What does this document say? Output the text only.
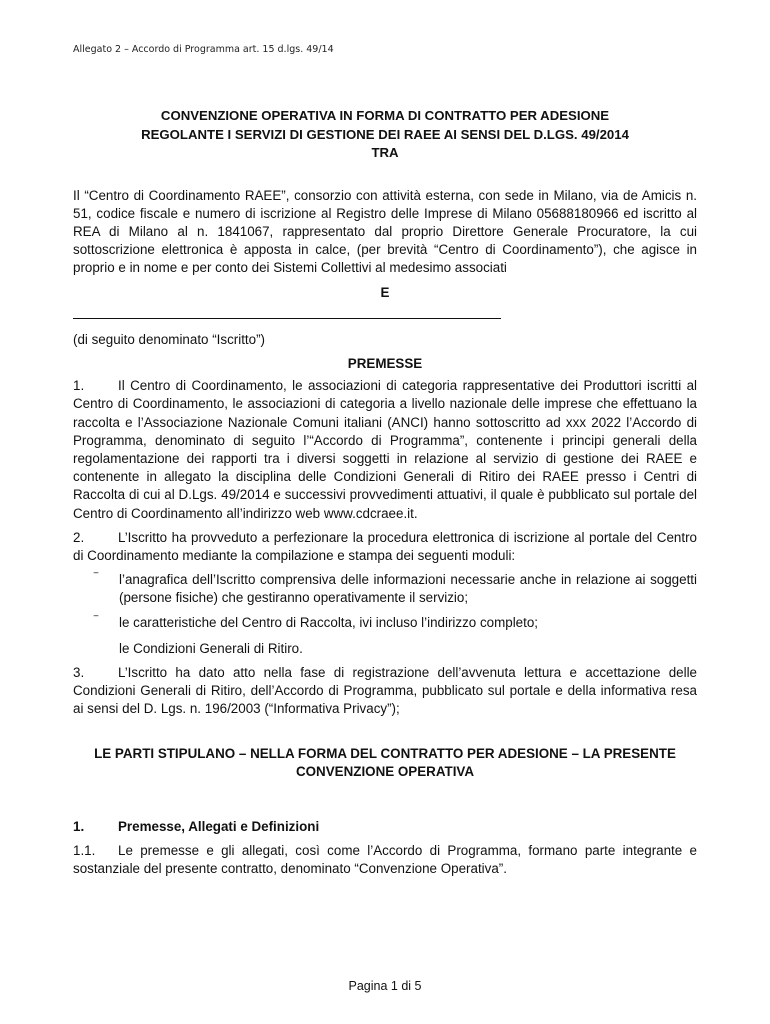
Allegato 2 – Accordo di Programma art. 15 d.lgs. 49/14
CONVENZIONE OPERATIVA IN FORMA DI CONTRATTO PER ADESIONE
REGOLANTE I SERVIZI DI GESTIONE DEI RAEE AI SENSI DEL D.LGS. 49/2014
TRA

Il “Centro di Coordinamento RAEE”, consorzio con attività esterna, con sede in Milano, via de Amicis n. 51, codice fiscale e numero di iscrizione al Registro delle Imprese di Milano 05688180966 ed iscritto al REA di Milano al n. 1841067, rappresentato dal proprio Direttore Generale Procuratore, la cui sottoscrizione elettronica è apposta in calce, (per brevità “Centro di Coordinamento”), che agisce in proprio e in nome e per conto dei Sistemi Collettivi al medesimo associati

E

(di seguito denominato “Iscritto”)

PREMESSE

1.	Il Centro di Coordinamento, le associazioni di categoria rappresentative dei Produttori iscritti al Centro di Coordinamento, le associazioni di categoria a livello nazionale delle imprese che effettuano la raccolta e l’Associazione Nazionale Comuni italiani (ANCI) hanno sottoscritto ad xxx 2022 l’Accordo di Programma, denominato di seguito l’“Accordo di Programma”, contenente i principi generali della regolamentazione dei rapporti tra i diversi soggetti in relazione al servizio di gestione dei RAEE e contenente in allegato la disciplina delle Condizioni Generali di Ritiro dei RAEE presso i Centri di Raccolta di cui al D.Lgs. 49/2014 e successivi provvedimenti attuativi, il quale è pubblicato sul portale del Centro di Coordinamento all’indirizzo web www.cdcraee.it.

2.	L’Iscritto ha provveduto a perfezionare la procedura elettronica di iscrizione al portale del Centro di Coordinamento mediante la compilazione e stampa dei seguenti moduli:

‾ l’anagrafica dell’Iscritto comprensiva delle informazioni necessarie anche in relazione ai soggetti (persone fisiche) che gestiranno operativamente il servizio;
‾ le caratteristiche del Centro di Raccolta, ivi incluso l’indirizzo completo;
le Condizioni Generali di Ritiro.

3.	L’Iscritto ha dato atto nella fase di registrazione dell’avvenuta lettura e accettazione delle Condizioni Generali di Ritiro, dell’Accordo di Programma, pubblicato sul portale e della informativa resa ai sensi del D. Lgs. n. 196/2003 (“Informativa Privacy”);

LE PARTI STIPULANO – NELLA FORMA DEL CONTRATTO PER ADESIONE – LA PRESENTE
CONVENZIONE OPERATIVA
1.	Premesse, Allegati e Definizioni

1.1. Le premesse e gli allegati, così come l’Accordo di Programma, formano parte integrante e sostanziale del presente contratto, denominato “Convenzione Operativa”.

Pagina 1 di 5
